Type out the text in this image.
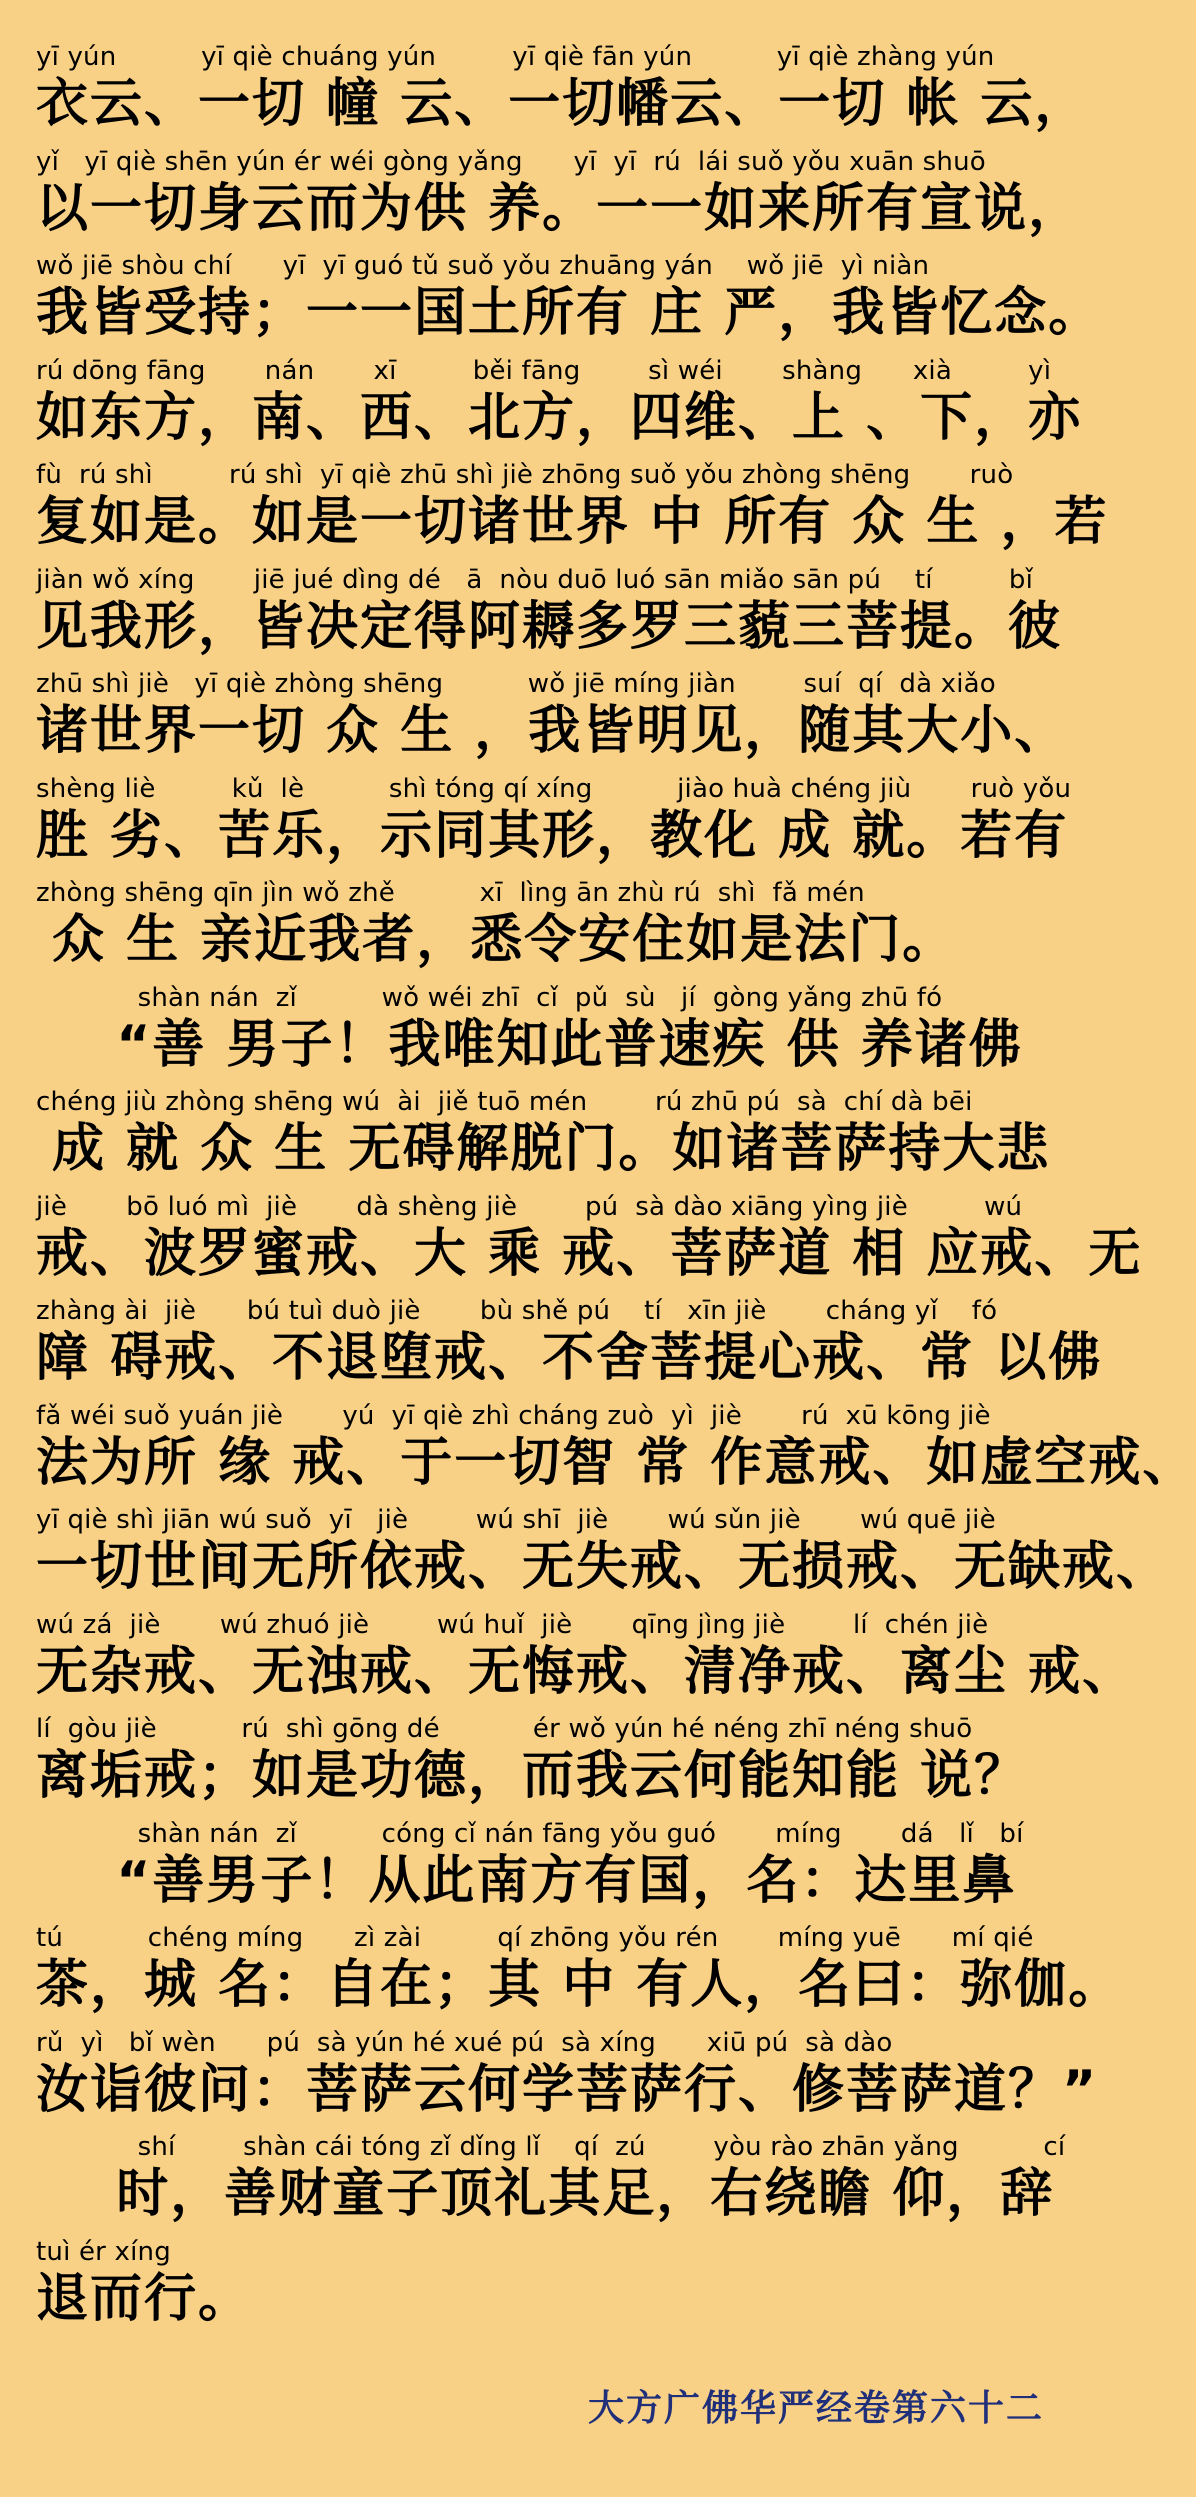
yī yún          yī qiè chuáng yún         yī qiè fān yún          yī qiè zhàng yún
衣云、一切 幢 云、一切幡云、一切 帐 云，
yǐ   yī qiè shēn yún ér wéi gòng yǎng      yī  yī  rú  lái suǒ yǒu xuān shuō
以一切身云而为供 养。一一如来所有宣说，
wǒ jiē shòu chí      yī  yī guó tǔ suǒ yǒu zhuāng yán    wǒ jiē  yì niàn
我皆受持；一一国土所有 庄 严，我皆忆念。
rú dōng fāng       nán       xī         běi fāng        sì wéi       shàng      xià         yì
如东方，南、西、北方，四维、上 、下，亦
fù  rú shì         rú shì  yī qiè zhū shì jiè zhōng suǒ yǒu zhòng shēng       ruò
复如是。如是一切诸世界 中 所有 众 生 ，若
jiàn wǒ xíng       jiē jué dìng dé   ā  nòu duō luó sān miǎo sān pú    tí         bǐ
见我形，皆决定得阿耨多罗三藐三菩提。彼
zhū shì jiè   yī qiè zhòng shēng          wǒ jiē míng jiàn        suí  qí  dà xiǎo
诸世界一切 众 生 ，我皆明见，随其大小、
shèng liè         kǔ  lè          shì tóng qí xíng          jiào huà chéng jiù       ruò yǒu
胜 劣、苦乐，示同其形，教化 成 就。若有
zhòng shēng qīn jìn wǒ zhě          xī  lìng ān zhù rú  shì  fǎ mén
众 生 亲近我者，悉令安住如是法门。
shàn nán  zǐ          wǒ wéi zhī  cǐ  pǔ  sù   jí  gòng yǎng zhū fó
“善 男子！我唯知此普速疾 供 养诸佛
chéng jiù zhòng shēng wú  ài  jiě tuō mén        rú zhū pú  sà  chí dà bēi
成 就 众 生 无碍解脱门。如诸菩萨持大悲
jiè       bō luó mì  jiè       dà shèng jiè        pú  sà dào xiāng yìng jiè         wú
戒、波罗蜜戒、大 乘 戒、菩萨道 相 应戒、无
zhàng ài  jiè      bú tuì duò jiè       bù shě pú    tí   xīn jiè       cháng yǐ    fó
障 碍戒、不退堕戒、不舍菩提心戒、常 以佛
fǎ wéi suǒ yuán jiè       yú  yī qiè zhì cháng zuò  yì  jiè       rú  xū kōng jiè
法为所 缘 戒、于一切智 常 作意戒、如虚空戒、
yī qiè shì jiān wú suǒ  yī   jiè        wú shī  jiè       wú sǔn jiè       wú quē jiè
一切世间无所依戒、无失戒、无损戒、无缺戒、
wú zá  jiè       wú zhuó jiè        wú huǐ  jiè       qīng jìng jiè        lí  chén jiè
无杂戒、无浊戒、无悔戒、清净戒、离尘 戒、
lí  gòu jiè          rú  shì gōng dé           ér wǒ yún hé néng zhī néng shuō
离垢戒；如是功德，而我云何能知能 说？
shàn nán  zǐ          cóng cǐ nán fāng yǒu guó       míng       dá   lǐ   bí
“善男子！从此南方有国，名：达里鼻
tú          chéng míng      zì zài         qí zhōng yǒu rén       míng yuē      mí qié
茶，城 名：自在；其 中 有人，名曰：弥伽。
rǔ  yì   bǐ wèn      pú  sà yún hé xué pú  sà xíng      xiū pú  sà dào
汝诣彼问：菩萨云何学菩萨行、修菩萨道？”
shí        shàn cái tóng zǐ dǐng lǐ    qí  zú        yòu rào zhān yǎng          cí
时，善财童子顶礼其足，右绕瞻 仰，辞
tuì ér xíng
退而行。
大方广佛华严经卷第六十二
